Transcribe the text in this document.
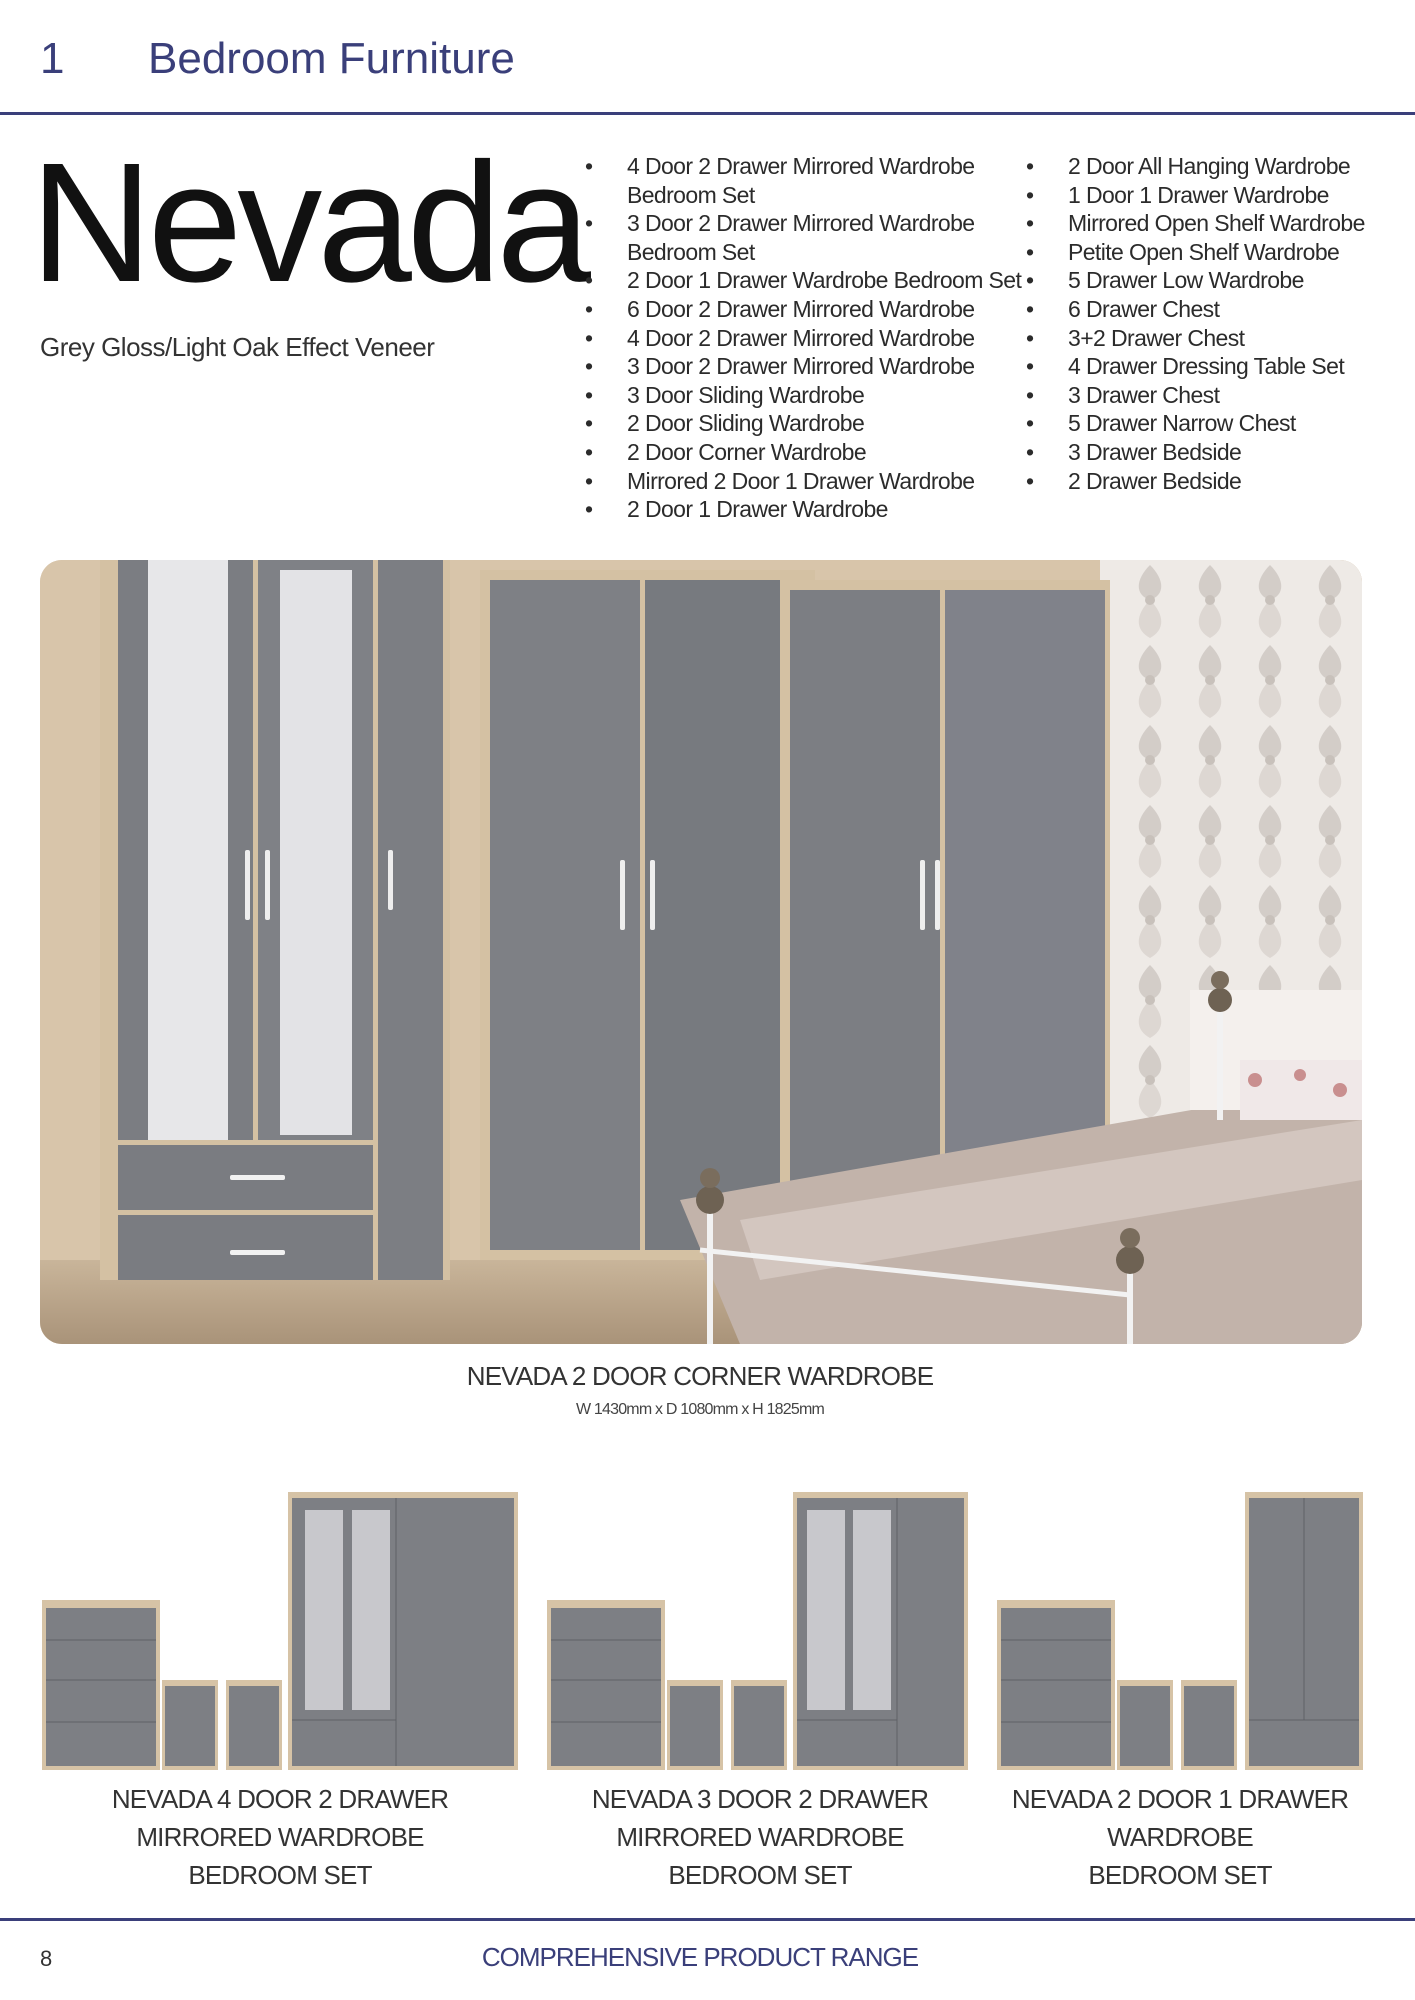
1 Bedroom Furniture
Nevada
Grey Gloss/Light Oak Effect Veneer
• 4 Door 2 Drawer Mirrored Wardrobe Bedroom Set
• 3 Door 2 Drawer Mirrored Wardrobe Bedroom Set
• 2 Door 1 Drawer Wardrobe Bedroom Set
• 6 Door 2 Drawer Mirrored Wardrobe
• 4 Door 2 Drawer Mirrored Wardrobe
• 3 Door 2 Drawer Mirrored Wardrobe
• 3 Door Sliding Wardrobe
• 2 Door Sliding Wardrobe
• 2 Door Corner Wardrobe
• Mirrored 2 Door 1 Drawer Wardrobe
• 2 Door 1 Drawer Wardrobe
• 2 Door All Hanging Wardrobe
• 1 Door 1 Drawer Wardrobe
• Mirrored Open Shelf Wardrobe
• Petite Open Shelf Wardrobe
• 5 Drawer Low Wardrobe
• 6 Drawer Chest
• 3+2 Drawer Chest
• 4 Drawer Dressing Table Set
• 3 Drawer Chest
• 5 Drawer Narrow Chest
• 3 Drawer Bedside
• 2 Drawer Bedside
NEVADA 2 DOOR CORNER WARDROBE
W 1430mm x D 1080mm x H 1825mm
NEVADA 4 DOOR 2 DRAWER
MIRRORED WARDROBE
BEDROOM SET
NEVADA 3 DOOR 2 DRAWER
MIRRORED WARDROBE
BEDROOM SET
NEVADA 2 DOOR 1 DRAWER
WARDROBE
BEDROOM SET
8	COMPREHENSIVE PRODUCT RANGE
